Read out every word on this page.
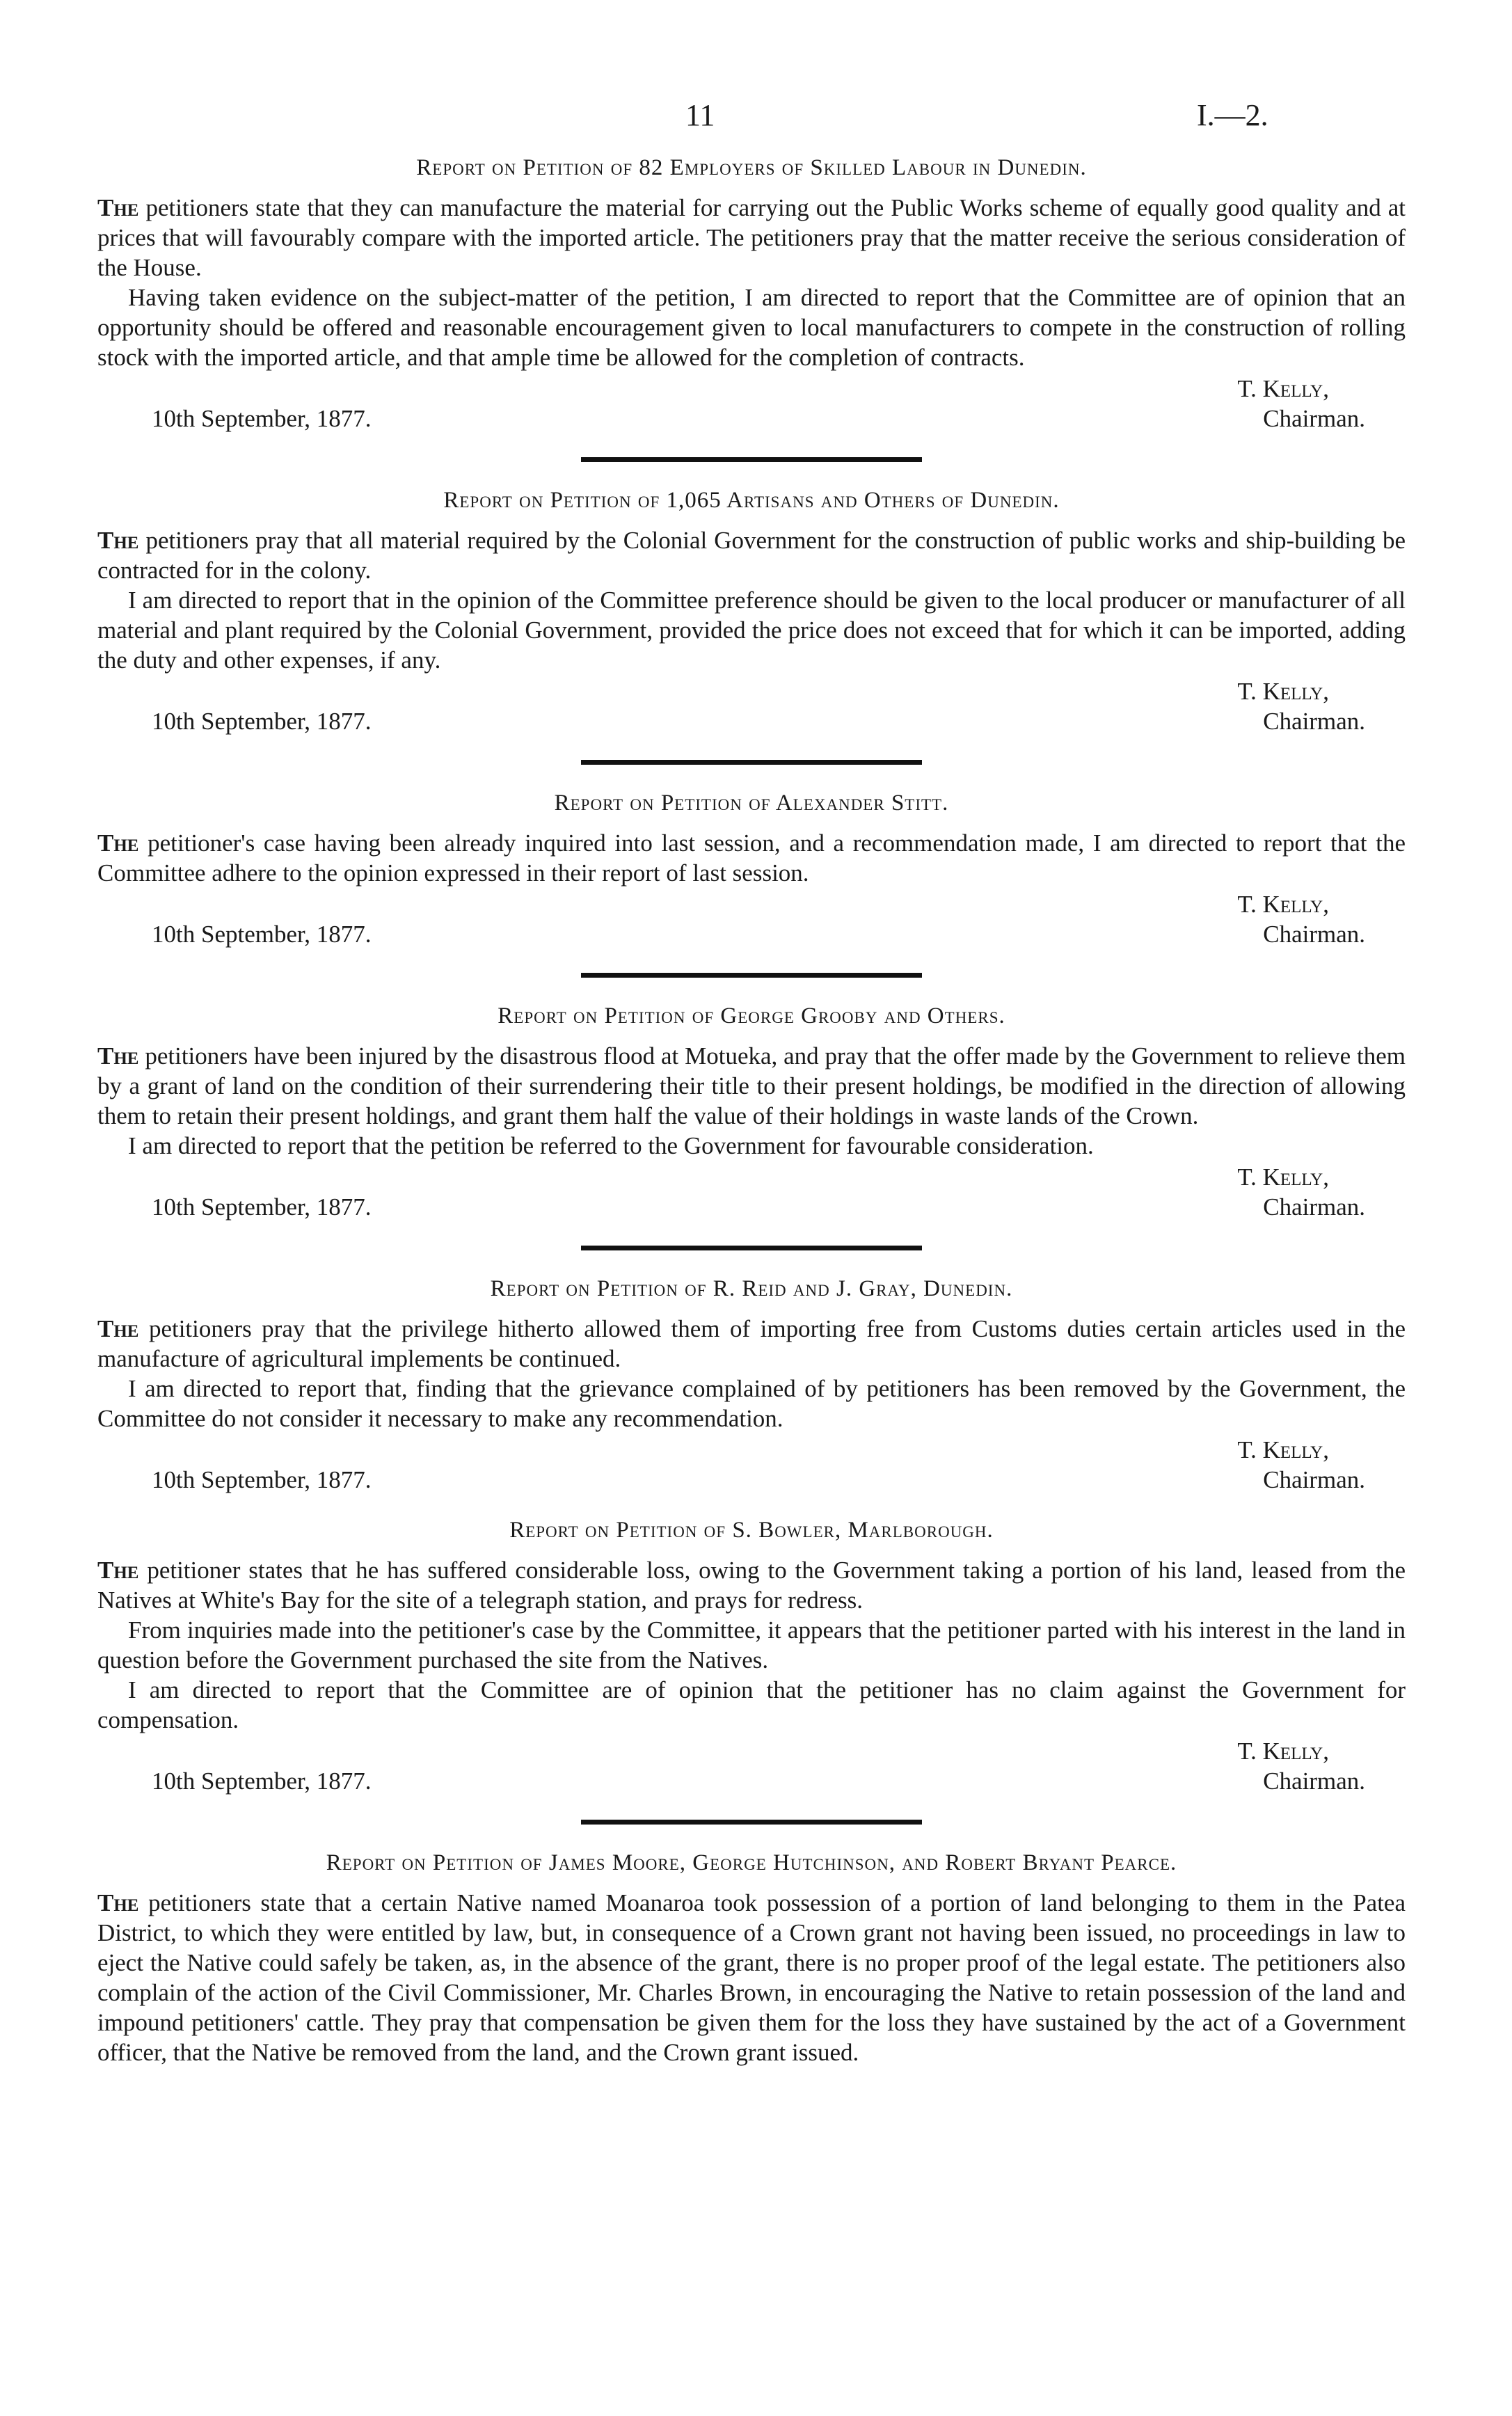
11	I.—2.
Report on Petition of 82 Employers of Skilled Labour in Dunedin.

The petitioners state that they can manufacture the material for carrying out the Public Works scheme of equally good quality and at prices that will favourably compare with the imported article. The petitioners pray that the matter receive the serious consideration of the House.

Having taken evidence on the subject-matter of the petition, I am directed to report that the Committee are of opinion that an opportunity should be offered and reasonable encouragement given to local manufacturers to compete in the construction of rolling stock with the imported article, and that ample time be allowed for the completion of contracts.

10th September, 1877.
T. Kelly,
Chairman.
Report on Petition of 1,065 Artisans and Others of Dunedin.

The petitioners pray that all material required by the Colonial Government for the construction of public works and ship-building be contracted for in the colony.

I am directed to report that in the opinion of the Committee preference should be given to the local producer or manufacturer of all material and plant required by the Colonial Government, provided the price does not exceed that for which it can be imported, adding the duty and other expenses, if any.

10th September, 1877.
T. Kelly,
Chairman.
Report on Petition of Alexander Stitt.

The petitioner's case having been already inquired into last session, and a recommendation made, I am directed to report that the Committee adhere to the opinion expressed in their report of last session.

10th September, 1877.
T. Kelly,
Chairman.
Report on Petition of George Grooby and Others.

The petitioners have been injured by the disastrous flood at Motueka, and pray that the offer made by the Government to relieve them by a grant of land on the condition of their surrendering their title to their present holdings, be modified in the direction of allowing them to retain their present holdings, and grant them half the value of their holdings in waste lands of the Crown.

I am directed to report that the petition be referred to the Government for favourable consideration.

10th September, 1877.
T. Kelly,
Chairman.
Report on Petition of R. Reid and J. Gray, Dunedin.

The petitioners pray that the privilege hitherto allowed them of importing free from Customs duties certain articles used in the manufacture of agricultural implements be continued.

I am directed to report that, finding that the grievance complained of by petitioners has been removed by the Government, the Committee do not consider it necessary to make any recommendation.

10th September, 1877.
T. Kelly,
Chairman.
Report on Petition of S. Bowler, Marlborough.

The petitioner states that he has suffered considerable loss, owing to the Government taking a portion of his land, leased from the Natives at White's Bay for the site of a telegraph station, and prays for redress.

From inquiries made into the petitioner's case by the Committee, it appears that the petitioner parted with his interest in the land in question before the Government purchased the site from the Natives.

I am directed to report that the Committee are of opinion that the petitioner has no claim against the Government for compensation.

10th September, 1877.
T. Kelly,
Chairman.
Report on Petition of James Moore, George Hutchinson, and Robert Bryant Pearce.

The petitioners state that a certain Native named Moanaroa took possession of a portion of land belonging to them in the Patea District, to which they were entitled by law, but, in consequence of a Crown grant not having been issued, no proceedings in law to eject the Native could safely be taken, as, in the absence of the grant, there is no proper proof of the legal estate. The petitioners also complain of the action of the Civil Commissioner, Mr. Charles Brown, in encouraging the Native to retain possession of the land and impound petitioners' cattle. They pray that compensation be given them for the loss they have sustained by the act of a Government officer, that the Native be removed from the land, and the Crown grant issued.
